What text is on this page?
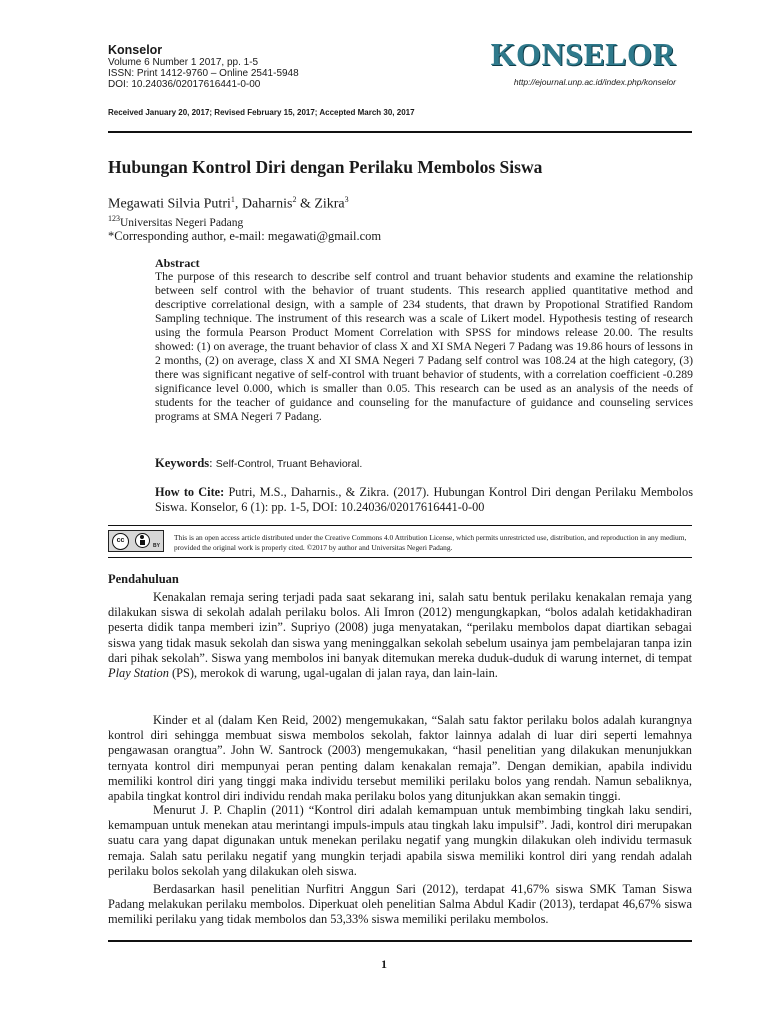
Konselor
Volume 6 Number 1 2017, pp. 1-5
ISSN: Print 1412-9760 – Online 2541-5948
DOI: 10.24036/02017616441-0-00
KONSELOR
http://ejournal.unp.ac.id/index.php/konselor
Received January 20, 2017; Revised February 15, 2017; Accepted March 30, 2017
Hubungan Kontrol Diri dengan Perilaku Membolos Siswa
Megawati Silvia Putri$^1$, Daharnis$^2$ & Zikra$^3$
$^{123}$Universitas Negeri Padang
*Corresponding author, e-mail: megawati@gmail.com
Abstract
The purpose of this research to describe self control and truant behavior students and examine the relationship between self control with the behavior of truant students. This research applied quantitative method and descriptive correlational design, with a sample of 234 students, that drawn by Propotional Stratified Random Sampling technique. The instrument of this research was a scale of Likert model. Hypothesis testing of research using the formula Pearson Product Moment Correlation with SPSS for mindows release 20.00. The results showed: (1) on average, the truant behavior of class X and XI SMA Negeri 7 Padang was 19.86 hours of lessons in 2 months, (2) on average, class X and XI SMA Negeri 7 Padang self control was 108.24 at the high category, (3) there was significant negative of self-control with truant behavior of students, with a correlation coefficient -0.289 significance level 0.000, which is smaller than 0.05. This research can be used as an analysis of the needs of students for the teacher of guidance and counseling for the manufacture of guidance and counseling services programs at SMA Negeri 7 Padang.
Keywords: Self-Control, Truant Behavioral.
How to Cite: Putri, M.S., Daharnis., & Zikra. (2017). Hubungan Kontrol Diri dengan Perilaku Membolos Siswa. Konselor, 6 (1): pp. 1-5, DOI: 10.24036/02017616441-0-00
cc
BY
This is an open access article distributed under the Creative Commons 4.0 Attribution License, which permits unrestricted use, distribution, and reproduction in any medium, provided the original work is properly cited. ©2017 by author and Universitas Negeri Padang.
Pendahuluan
Kenakalan remaja sering terjadi pada saat sekarang ini, salah satu bentuk perilaku kenakalan remaja yang dilakukan siswa di sekolah adalah perilaku bolos. Ali Imron (2012) mengungkapkan, “bolos adalah ketidakhadiran peserta didik tanpa memberi izin”. Supriyo (2008) juga menyatakan, “perilaku membolos dapat diartikan sebagai siswa yang tidak masuk sekolah dan siswa yang meninggalkan sekolah sebelum usainya jam pembelajaran tanpa izin dari pihak sekolah”. Siswa yang membolos ini banyak ditemukan mereka duduk-duduk di warung internet, di tempat Play Station (PS), merokok di warung, ugal-ugalan di jalan raya, dan lain-lain.
Kinder et al (dalam Ken Reid, 2002) mengemukakan, “Salah satu faktor perilaku bolos adalah kurangnya kontrol diri sehingga membuat siswa membolos sekolah, faktor lainnya adalah di luar diri seperti lemahnya pengawasan orangtua”. John W. Santrock (2003) mengemukakan, “hasil penelitian yang dilakukan menunjukkan ternyata kontrol diri mempunyai peran penting dalam kenakalan remaja”. Dengan demikian, apabila individu memiliki kontrol diri yang tinggi maka individu tersebut memiliki perilaku bolos yang rendah. Namun sebaliknya, apabila tingkat kontrol diri individu rendah maka perilaku bolos yang ditunjukkan akan semakin tinggi.
Menurut J. P. Chaplin (2011) “Kontrol diri adalah kemampuan untuk membimbing tingkah laku sendiri, kemampuan untuk menekan atau merintangi impuls-impuls atau tingkah laku impulsif”. Jadi, kontrol diri merupakan suatu cara yang dapat digunakan untuk menekan perilaku negatif yang mungkin dilakukan oleh individu termasuk remaja. Salah satu perilaku negatif yang mungkin terjadi apabila siswa memiliki kontrol diri yang rendah adalah perilaku bolos sekolah yang dilakukan oleh siswa.
Berdasarkan hasil penelitian Nurfitri Anggun Sari (2012), terdapat 41,67% siswa SMK Taman Siswa Padang melakukan perilaku membolos. Diperkuat oleh penelitian Salma Abdul Kadir (2013), terdapat 46,67% siswa memiliki perilaku yang tidak membolos dan 53,33% siswa memiliki perilaku membolos.
1
